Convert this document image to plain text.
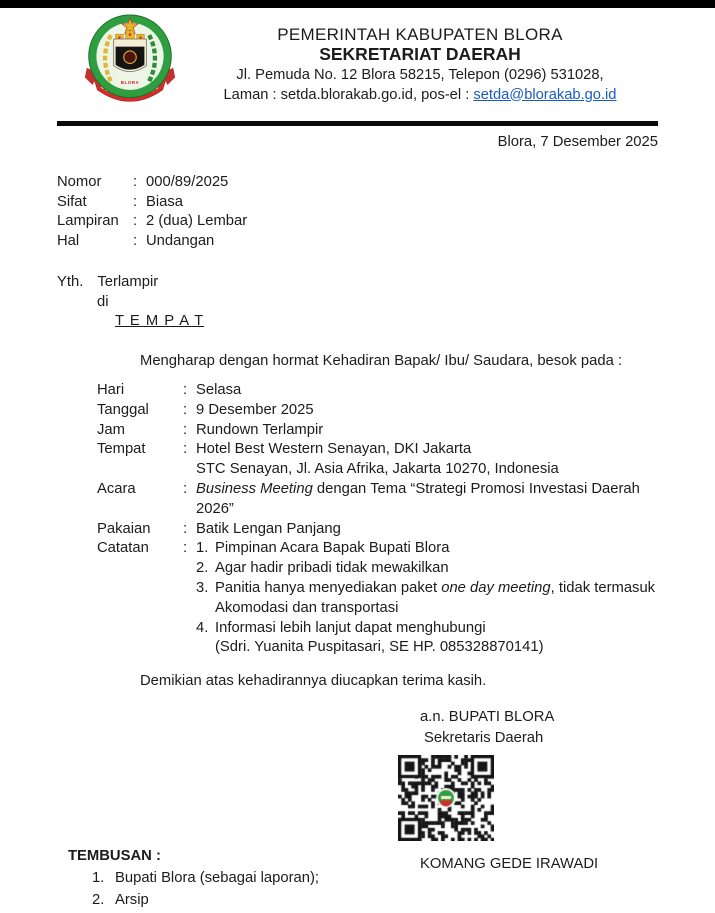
BLORA
PEMERINTAH KABUPATEN BLORA
SEKRETARIAT DAERAH
Jl. Pemuda No. 12 Blora 58215, Telepon (0296) 531028,
Laman : setda.blorakab.go.id, pos-el : setda@blorakab.go.id
Blora, 7 Desember 2025
Nomor	: 000/89/2025
Sifat	: Biasa
Lampiran : 2 (dua) Lembar
Hal	: Undangan
Yth. Terlampir
di
T E M P A T
Mengharap dengan hormat Kehadiran Bapak/ Ibu/ Saudara, besok pada :
Hari	: Selasa
Tanggal	: 9 Desember 2025
Jam	: Rundown Terlampir
Tempat	: Hotel Best Western Senayan, DKI Jakarta
STC Senayan, Jl. Asia Afrika, Jakarta 10270, Indonesia
Acara	: Business Meeting dengan Tema “Strategi Promosi Investasi Daerah 2026”
Pakaian	: Batik Lengan Panjang
Catatan	: 1. Pimpinan Acara Bapak Bupati Blora
2. Agar hadir pribadi tidak mewakilkan
3. Panitia hanya menyediakan paket one day meeting, tidak termasuk Akomodasi dan transportasi
4. Informasi lebih lanjut dapat menghubungi
(Sdri. Yuanita Puspitasari, SE HP. 085328870141)
Demikian atas kehadirannya diucapkan terima kasih.
a.n. BUPATI BLORA
Sekretaris Daerah
KOMANG GEDE IRAWADI
TEMBUSAN :
1. Bupati Blora (sebagai laporan);
2. Arsip
